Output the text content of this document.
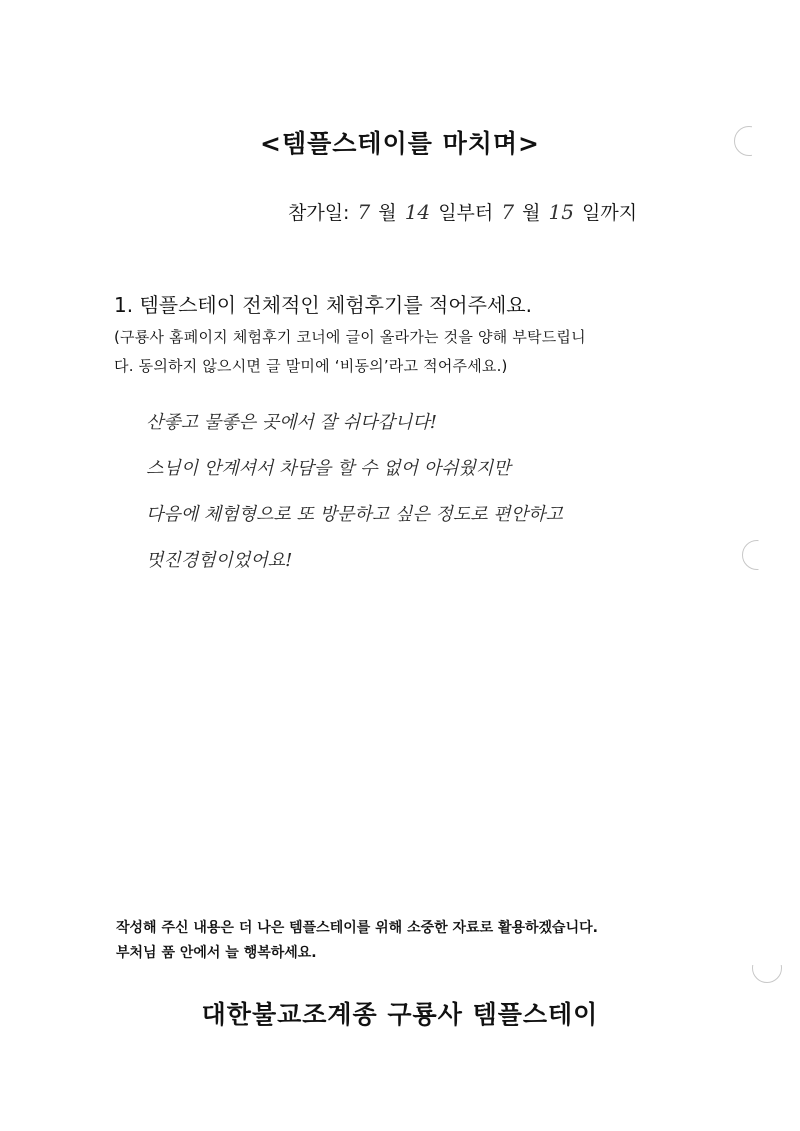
<템플스테이를 마치며>
참가일: 7 월 14 일부터 7 월 15 일까지
1. 템플스테이 전체적인 체험후기를 적어주세요.
(구룡사 홈페이지 체험후기 코너에 글이 올라가는 것을 양해 부탁드립니
다. 동의하지 않으시면 글 말미에 ‘비동의’라고 적어주세요.)
산좋고 물좋은 곳에서 잘 쉬다갑니다!
스님이 안계셔서 차담을 할 수 없어 아쉬웠지만
다음에 체험형으로 또 방문하고 싶은 정도로 편안하고
멋진경험이었어요!
작성해 주신 내용은 더 나은 템플스테이를 위해 소중한 자료로 활용하겠습니다.
부처님 품 안에서 늘 행복하세요.
대한불교조계종 구룡사 템플스테이
